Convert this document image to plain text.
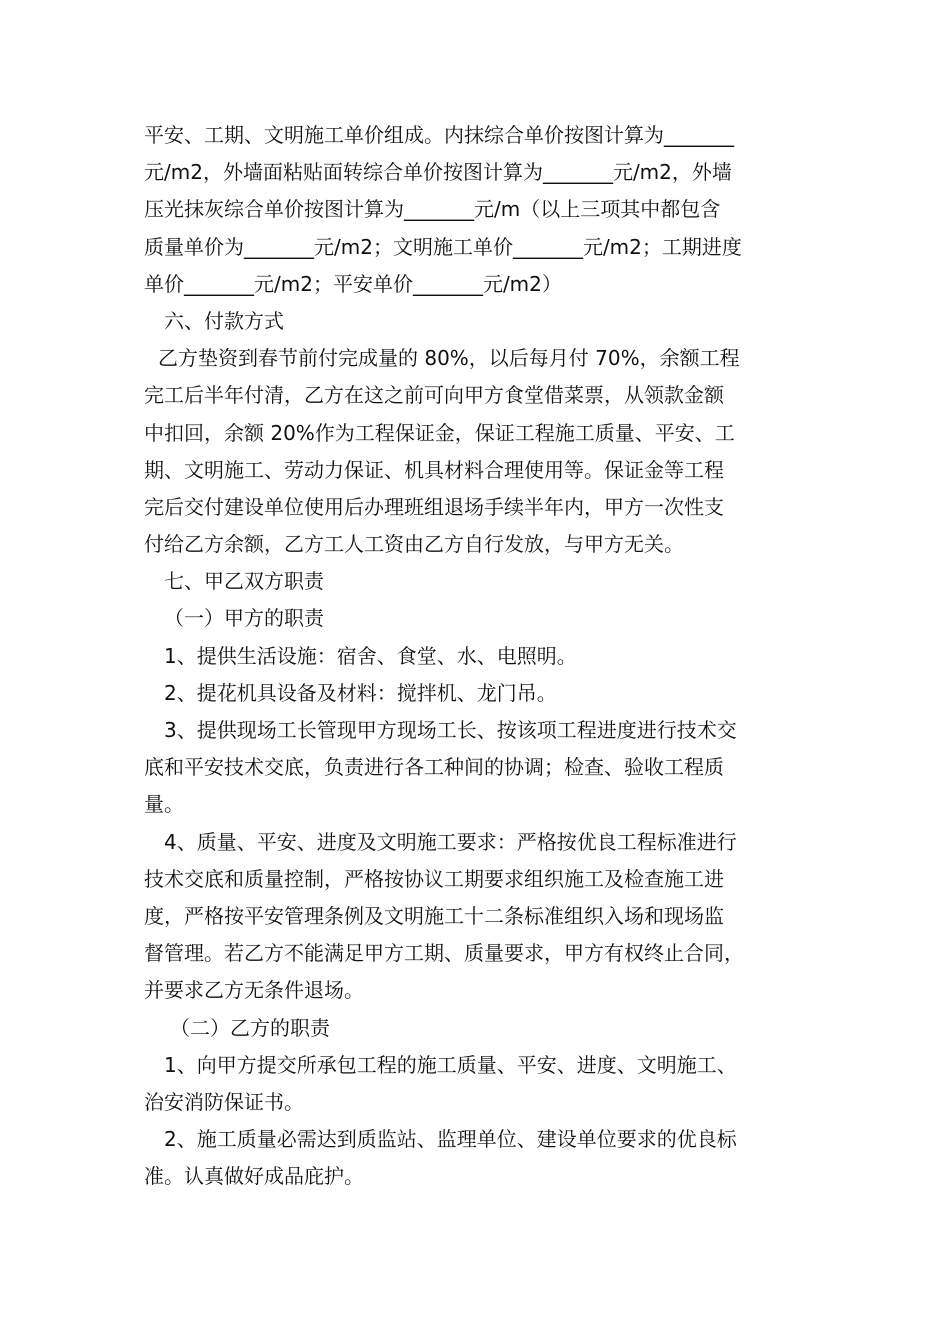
平安、工期、文明施工单价组成。内抹综合单价按图计算为_______
元/m2，外墙面粘贴面转综合单价按图计算为_______元/m2，外墙
压光抹灰综合单价按图计算为_______元/m（以上三项其中都包含
质量单价为_______元/m2；文明施工单价_______元/m2；工期进度
单价_______元/m2；平安单价_______元/m2）
六、付款方式
乙方垫资到春节前付完成量的 80%，以后每月付 70%，余额工程
完工后半年付清，乙方在这之前可向甲方食堂借菜票，从领款金额
中扣回，余额 20%作为工程保证金，保证工程施工质量、平安、工
期、文明施工、劳动力保证、机具材料合理使用等。保证金等工程
完后交付建设单位使用后办理班组退场手续半年内，甲方一次性支
付给乙方余额，乙方工人工资由乙方自行发放，与甲方无关。
七、甲乙双方职责
（一）甲方的职责
1、提供生活设施：宿舍、食堂、水、电照明。
2、提花机具设备及材料：搅拌机、龙门吊。
3、提供现场工长管现甲方现场工长、按该项工程进度进行技术交
底和平安技术交底，负责进行各工种间的协调；检查、验收工程质
量。
4、质量、平安、进度及文明施工要求：严格按优良工程标准进行
技术交底和质量控制，严格按协议工期要求组织施工及检查施工进
度，严格按平安管理条例及文明施工十二条标准组织入场和现场监
督管理。若乙方不能满足甲方工期、质量要求，甲方有权终止合同，
并要求乙方无条件退场。
（二）乙方的职责
1、向甲方提交所承包工程的施工质量、平安、进度、文明施工、
治安消防保证书。
2、施工质量必需达到质监站、监理单位、建设单位要求的优良标
准。认真做好成品庇护。
